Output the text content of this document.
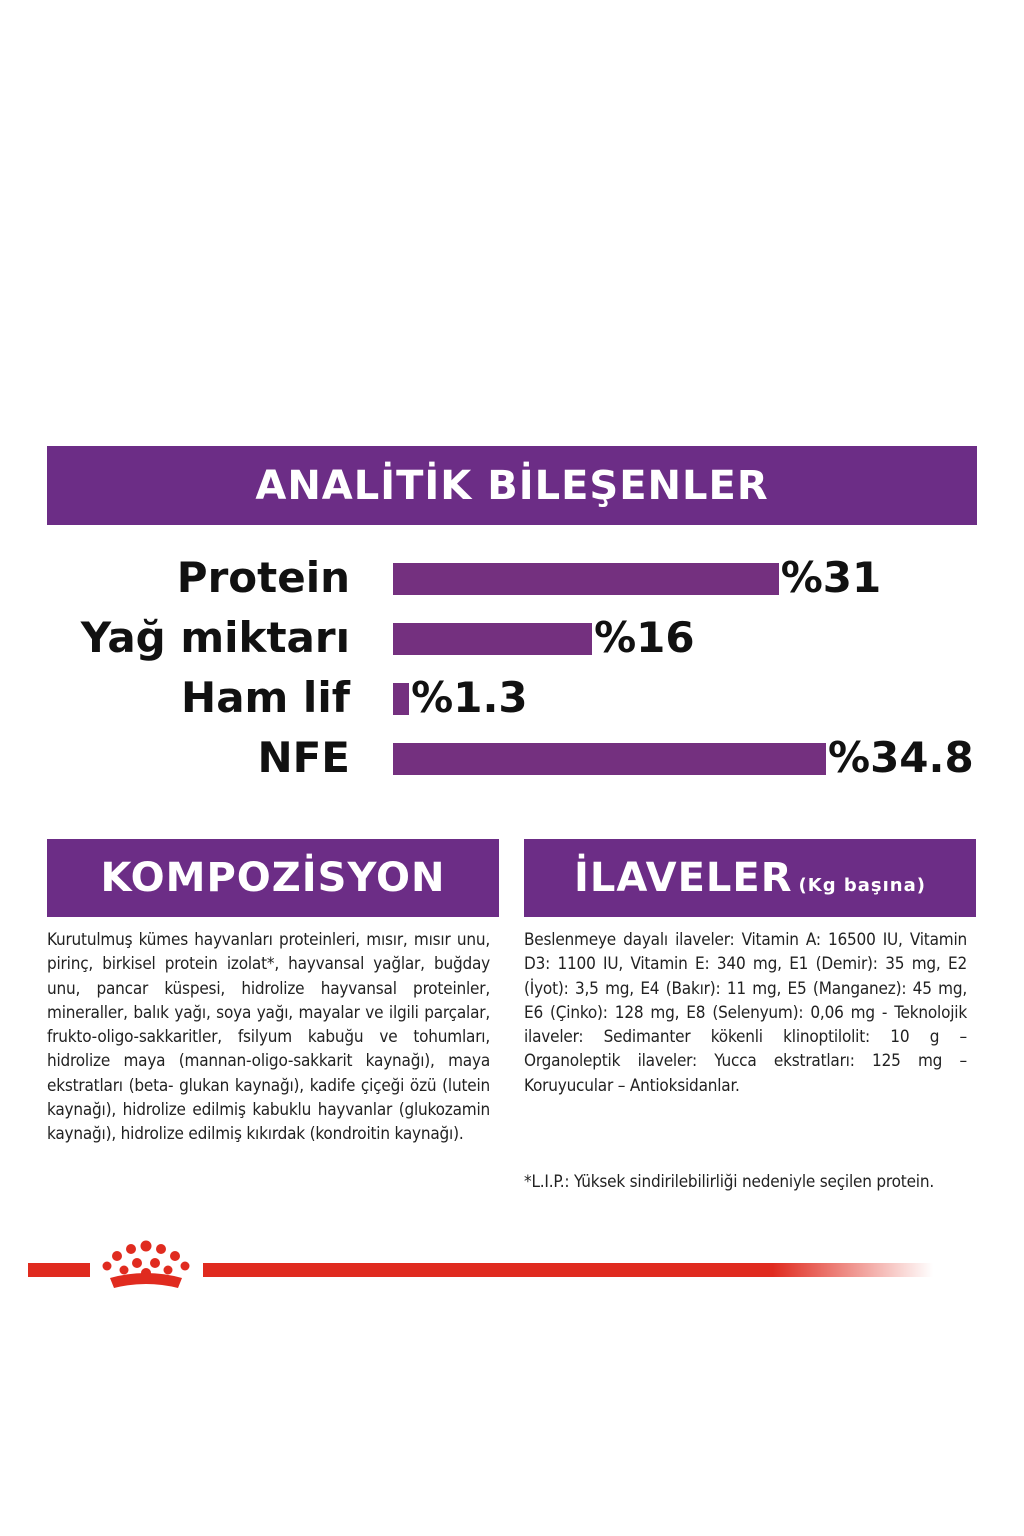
ANALİTİK BİLEŞENLER
Protein	%31
Yağ miktarı	%16
Ham lif %1.3
NFE	%34.8
KOMPOZİSYON
Kurutulmuş kümes hayvanları proteinleri, mısır, mısır unu, pirinç, birkisel protein izolat*, hayvansal yağlar, buğday unu, pancar küspesi, hidrolize hayvansal proteinler, mineraller, balık yağı, soya yağı, mayalar ve ilgili parçalar, frukto-oligo-sakkaritler, fsilyum kabuğu ve tohumları, hidrolize maya (mannan-oligo-sakkarit kaynağı), maya ekstratları (beta- glukan kaynağı), kadife çiçeği özü (lutein kaynağı), hidrolize edilmiş kabuklu hayvanlar (glukozamin kaynağı), hidrolize edilmiş kıkırdak (kondroitin kaynağı).
İLAVELER (Kg başına)
Beslenmeye dayalı ilaveler: Vitamin A: 16500 IU, Vitamin D3: 1100 IU, Vitamin E: 340 mg, E1 (Demir): 35 mg, E2 (İyot): 3,5 mg, E4 (Bakır): 11 mg, E5 (Manganez): 45 mg, E6 (Çinko): 128 mg, E8 (Selenyum): 0,06 mg - Teknolojik ilaveler: Sedimanter kökenli klinoptilolit: 10 g – Organoleptik ilaveler: Yucca ekstratları: 125 mg – Koruyucular – Antioksidanlar.
*L.I.P.: Yüksek sindirilebilirliği nedeniyle seçilen protein.
